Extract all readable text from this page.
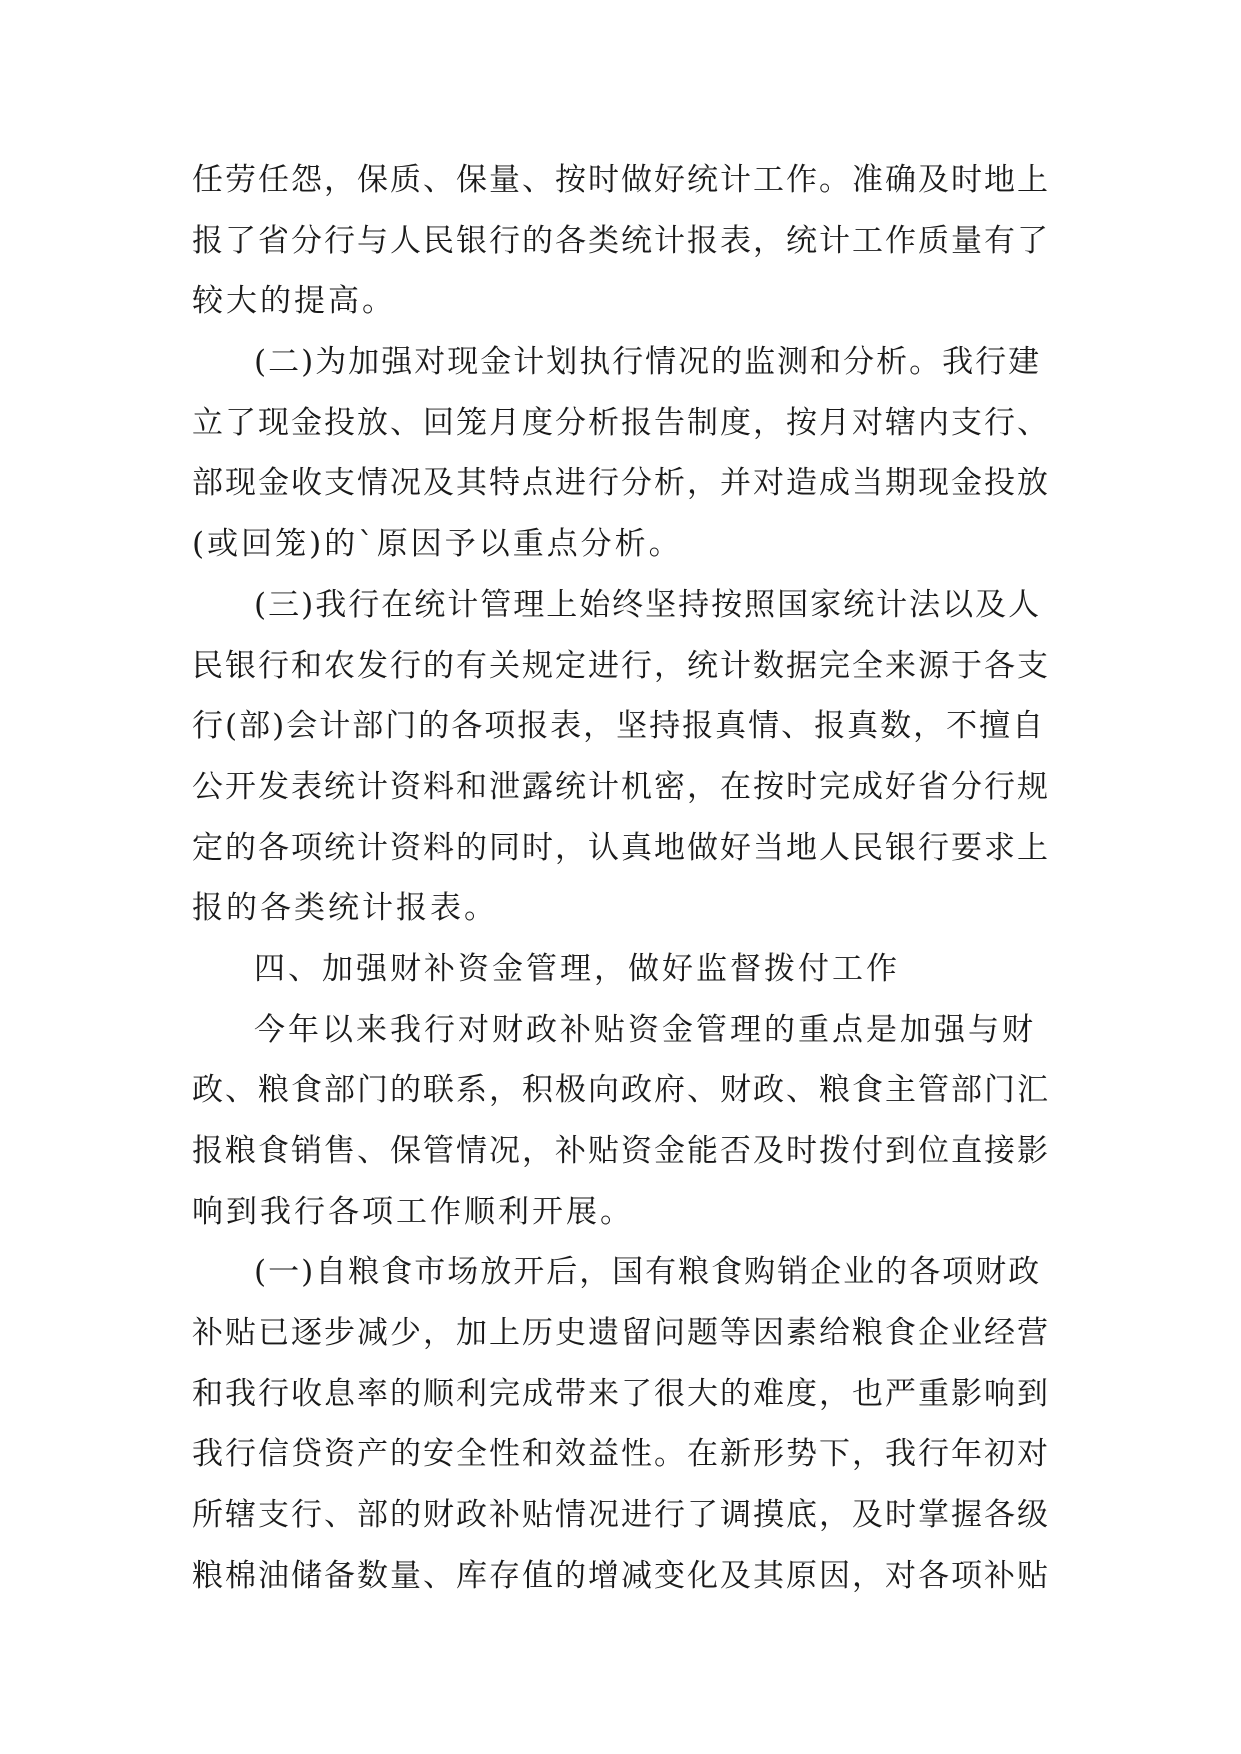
任劳任怨，保质、保量、按时做好统计工作。准确及时地上
报了省分行与人民银行的各类统计报表，统计工作质量有了
较大的提高。
(二)为加强对现金计划执行情况的监测和分析。我行建
立了现金投放、回笼月度分析报告制度，按月对辖内支行、
部现金收支情况及其特点进行分析，并对造成当期现金投放
(或回笼)的`原因予以重点分析。
(三)我行在统计管理上始终坚持按照国家统计法以及人
民银行和农发行的有关规定进行，统计数据完全来源于各支
行(部)会计部门的各项报表，坚持报真情、报真数，不擅自
公开发表统计资料和泄露统计机密，在按时完成好省分行规
定的各项统计资料的同时，认真地做好当地人民银行要求上
报的各类统计报表。
四、加强财补资金管理，做好监督拨付工作
今年以来我行对财政补贴资金管理的重点是加强与财
政、粮食部门的联系，积极向政府、财政、粮食主管部门汇
报粮食销售、保管情况，补贴资金能否及时拨付到位直接影
响到我行各项工作顺利开展。
(一)自粮食市场放开后，国有粮食购销企业的各项财政
补贴已逐步减少，加上历史遗留问题等因素给粮食企业经营
和我行收息率的顺利完成带来了很大的难度，也严重影响到
我行信贷资产的安全性和效益性。在新形势下，我行年初对
所辖支行、部的财政补贴情况进行了调摸底，及时掌握各级
粮棉油储备数量、库存值的增减变化及其原因，对各项补贴
